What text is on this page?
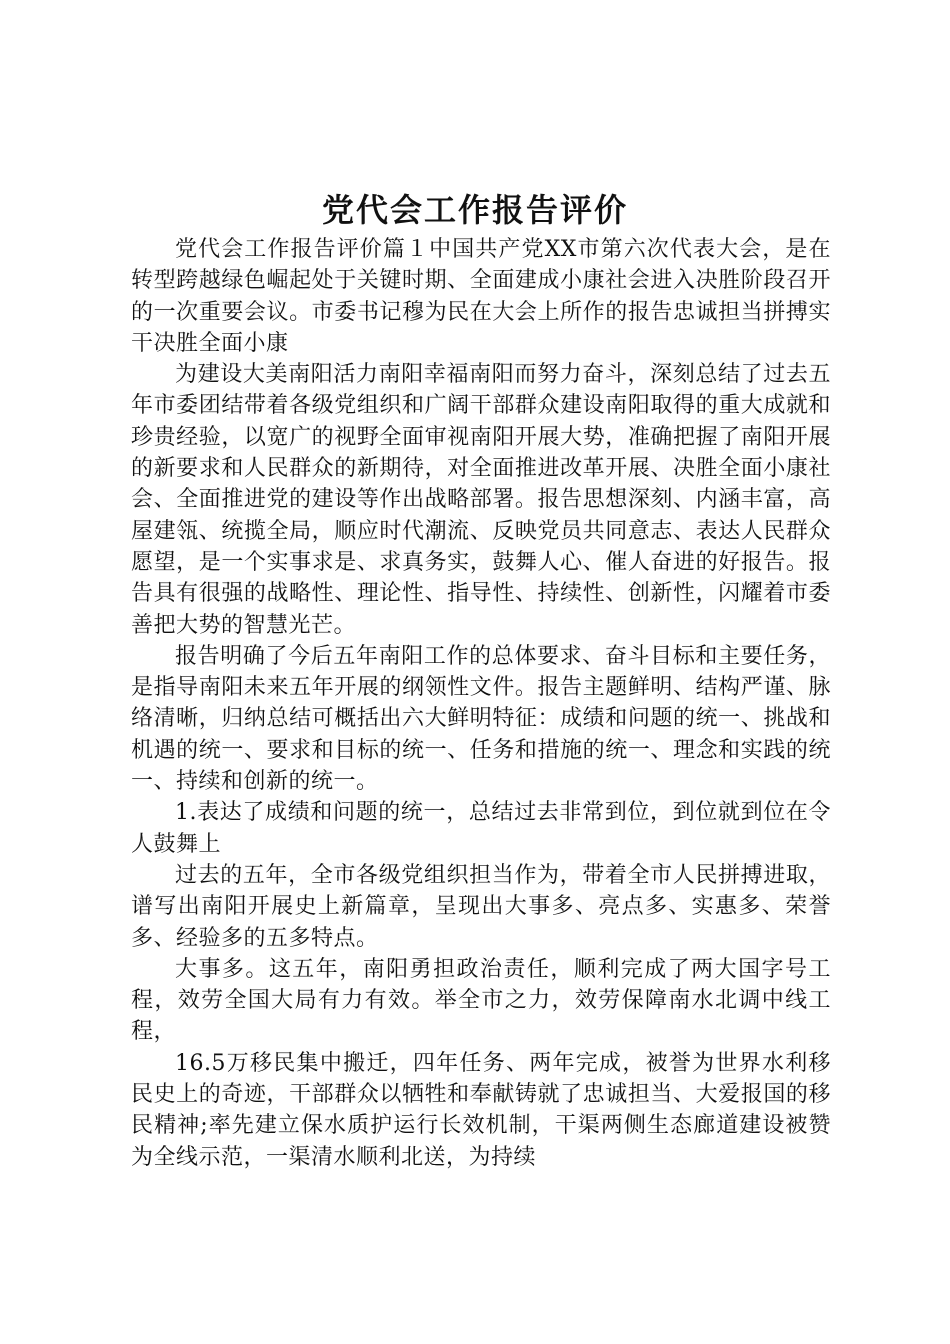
党代会工作报告评价

党代会工作报告评价篇１中国共产党XX市第六次代表大会，是在转型跨越绿色崛起处于关键时期、全面建成小康社会进入决胜阶段召开的一次重要会议。市委书记穆为民在大会上所作的报告忠诚担当拼搏实干决胜全面小康

为建设大美南阳活力南阳幸福南阳而努力奋斗，深刻总结了过去五年市委团结带着各级党组织和广阔干部群众建设南阳取得的重大成就和珍贵经验，以宽广的视野全面审视南阳开展大势，准确把握了南阳开展的新要求和人民群众的新期待，对全面推进改革开展、决胜全面小康社会、全面推进党的建设等作出战略部署。报告思想深刻、内涵丰富，高屋建瓴、统揽全局，顺应时代潮流、反映党员共同意志、表达人民群众愿望，是一个实事求是、求真务实，鼓舞人心、催人奋进的好报告。报告具有很强的战略性、理论性、指导性、持续性、创新性，闪耀着市委善把大势的智慧光芒。

报告明确了今后五年南阳工作的总体要求、奋斗目标和主要任务，是指导南阳未来五年开展的纲领性文件。报告主题鲜明、结构严谨、脉络清晰，归纳总结可概括出六大鲜明特征：成绩和问题的统一、挑战和机遇的统一、要求和目标的统一、任务和措施的统一、理念和实践的统一、持续和创新的统一。

1.表达了成绩和问题的统一，总结过去非常到位，到位就到位在令人鼓舞上

过去的五年，全市各级党组织担当作为，带着全市人民拼搏进取，谱写出南阳开展史上新篇章，呈现出大事多、亮点多、实惠多、荣誉多、经验多的五多特点。

大事多。这五年，南阳勇担政治责任，顺利完成了两大国字号工程，效劳全国大局有力有效。举全市之力，效劳保障南水北调中线工程，

16.5万移民集中搬迁，四年任务、两年完成，被誉为世界水利移民史上的奇迹，干部群众以牺牲和奉献铸就了忠诚担当、大爱报国的移民精神;率先建立保水质护运行长效机制，干渠两侧生态廊道建设被赞为全线示范，一渠清水顺利北送，为持续
